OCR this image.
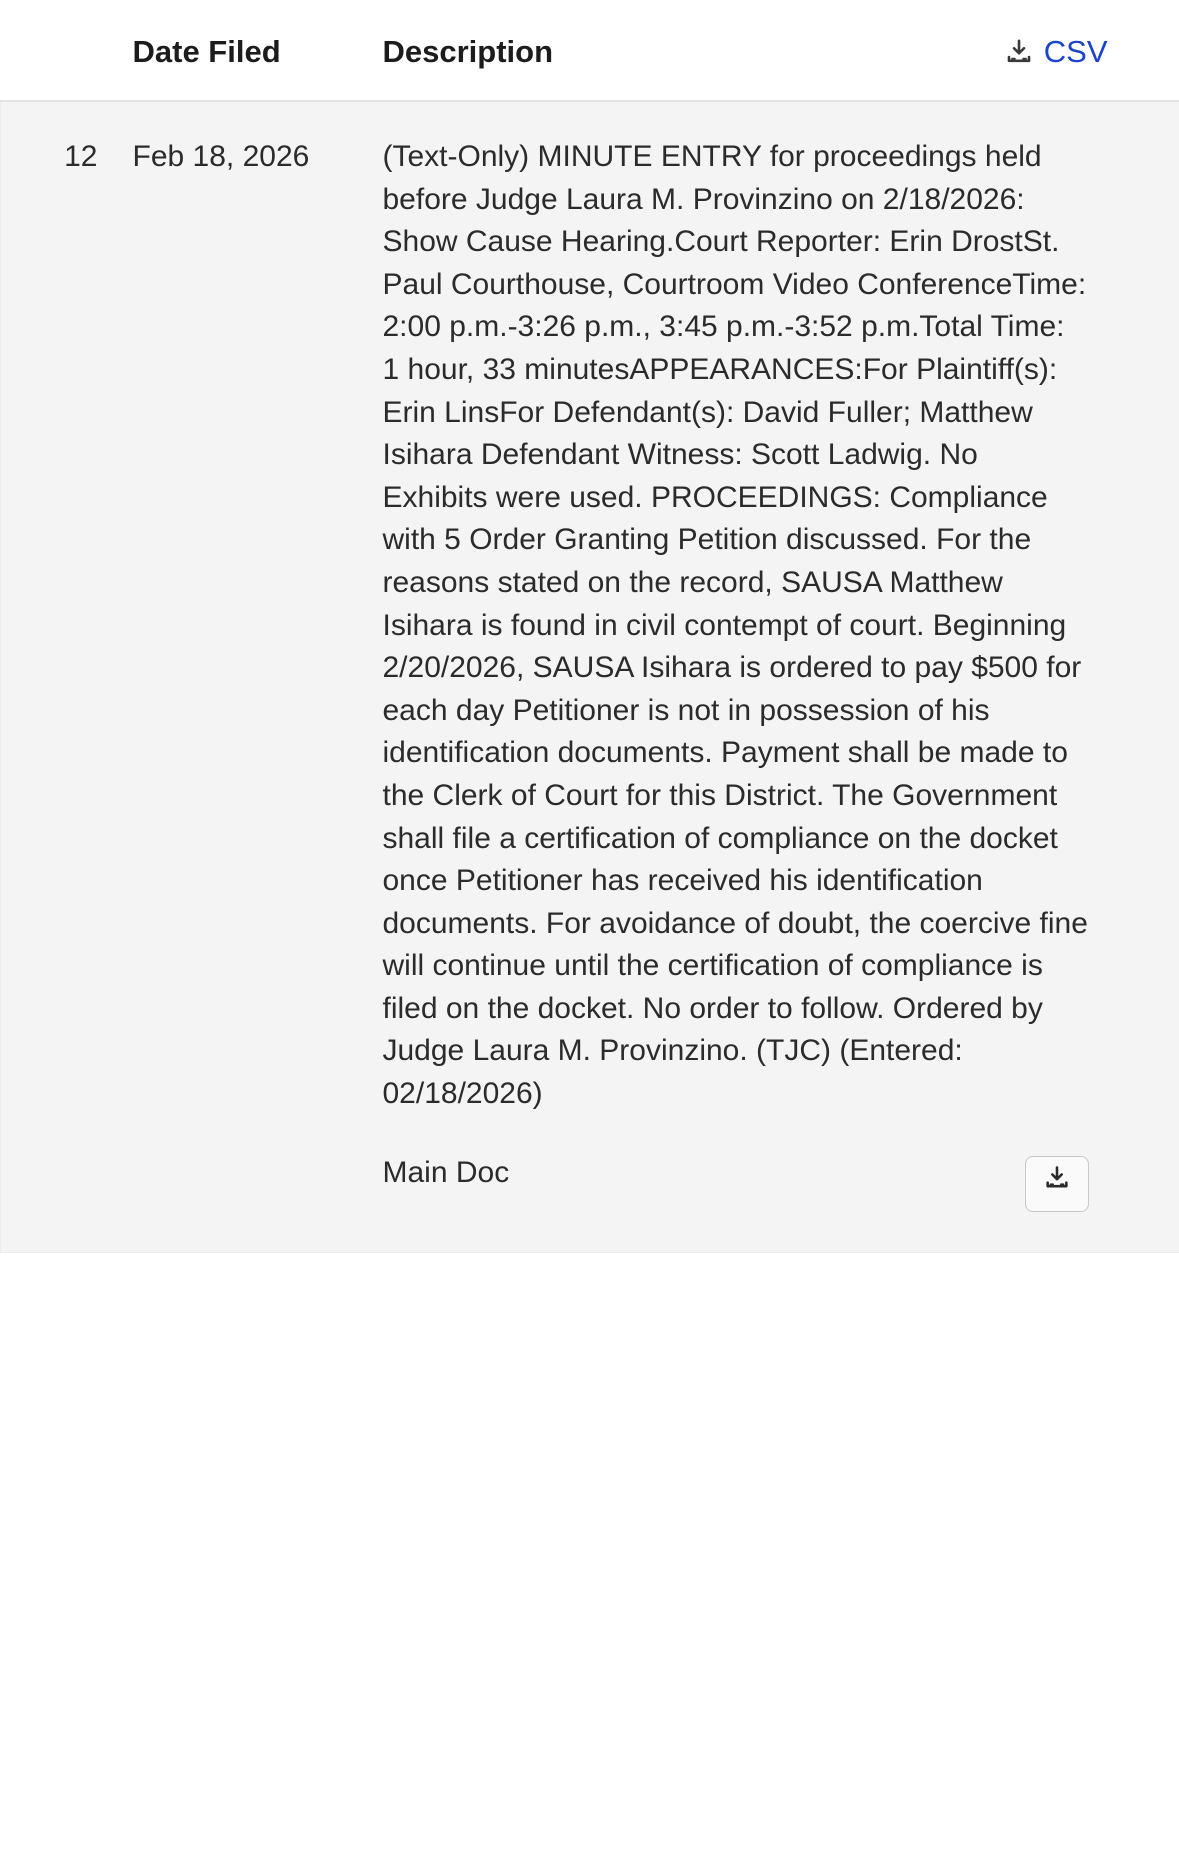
	Date Filed	Description CSV

12	Feb 18, 2026	(Text-Only) MINUTE ENTRY for proceedings held before Judge Laura M. Provinzino on 2/18/2026: Show Cause Hearing.Court Reporter: Erin DrostSt. Paul Courthouse, Courtroom Video ConferenceTime: 2:00 p.m.-3:26 p.m., 3:45 p.m.-3:52 p.m.Total Time: 1 hour, 33 minutesAPPEARANCES:For Plaintiff(s): Erin LinsFor Defendant(s): David Fuller; Matthew Isihara Defendant Witness: Scott Ladwig. No Exhibits were used. PROCEEDINGS: Compliance with 5 Order Granting Petition discussed. For the reasons stated on the record, SAUSA Matthew Isihara is found in civil contempt of court. Beginning 2/20/2026, SAUSA Isihara is ordered to pay $500 for each day Petitioner is not in possession of his identification documents. Payment shall be made to the Clerk of Court for this District. The Government shall file a certification of compliance on the docket once Petitioner has received his identification documents. For avoidance of doubt, the coercive fine will continue until the certification of compliance is filed on the docket. No order to follow. Ordered by Judge Laura M. Provinzino. (TJC) (Entered: 02/18/2026)

Main Doc
